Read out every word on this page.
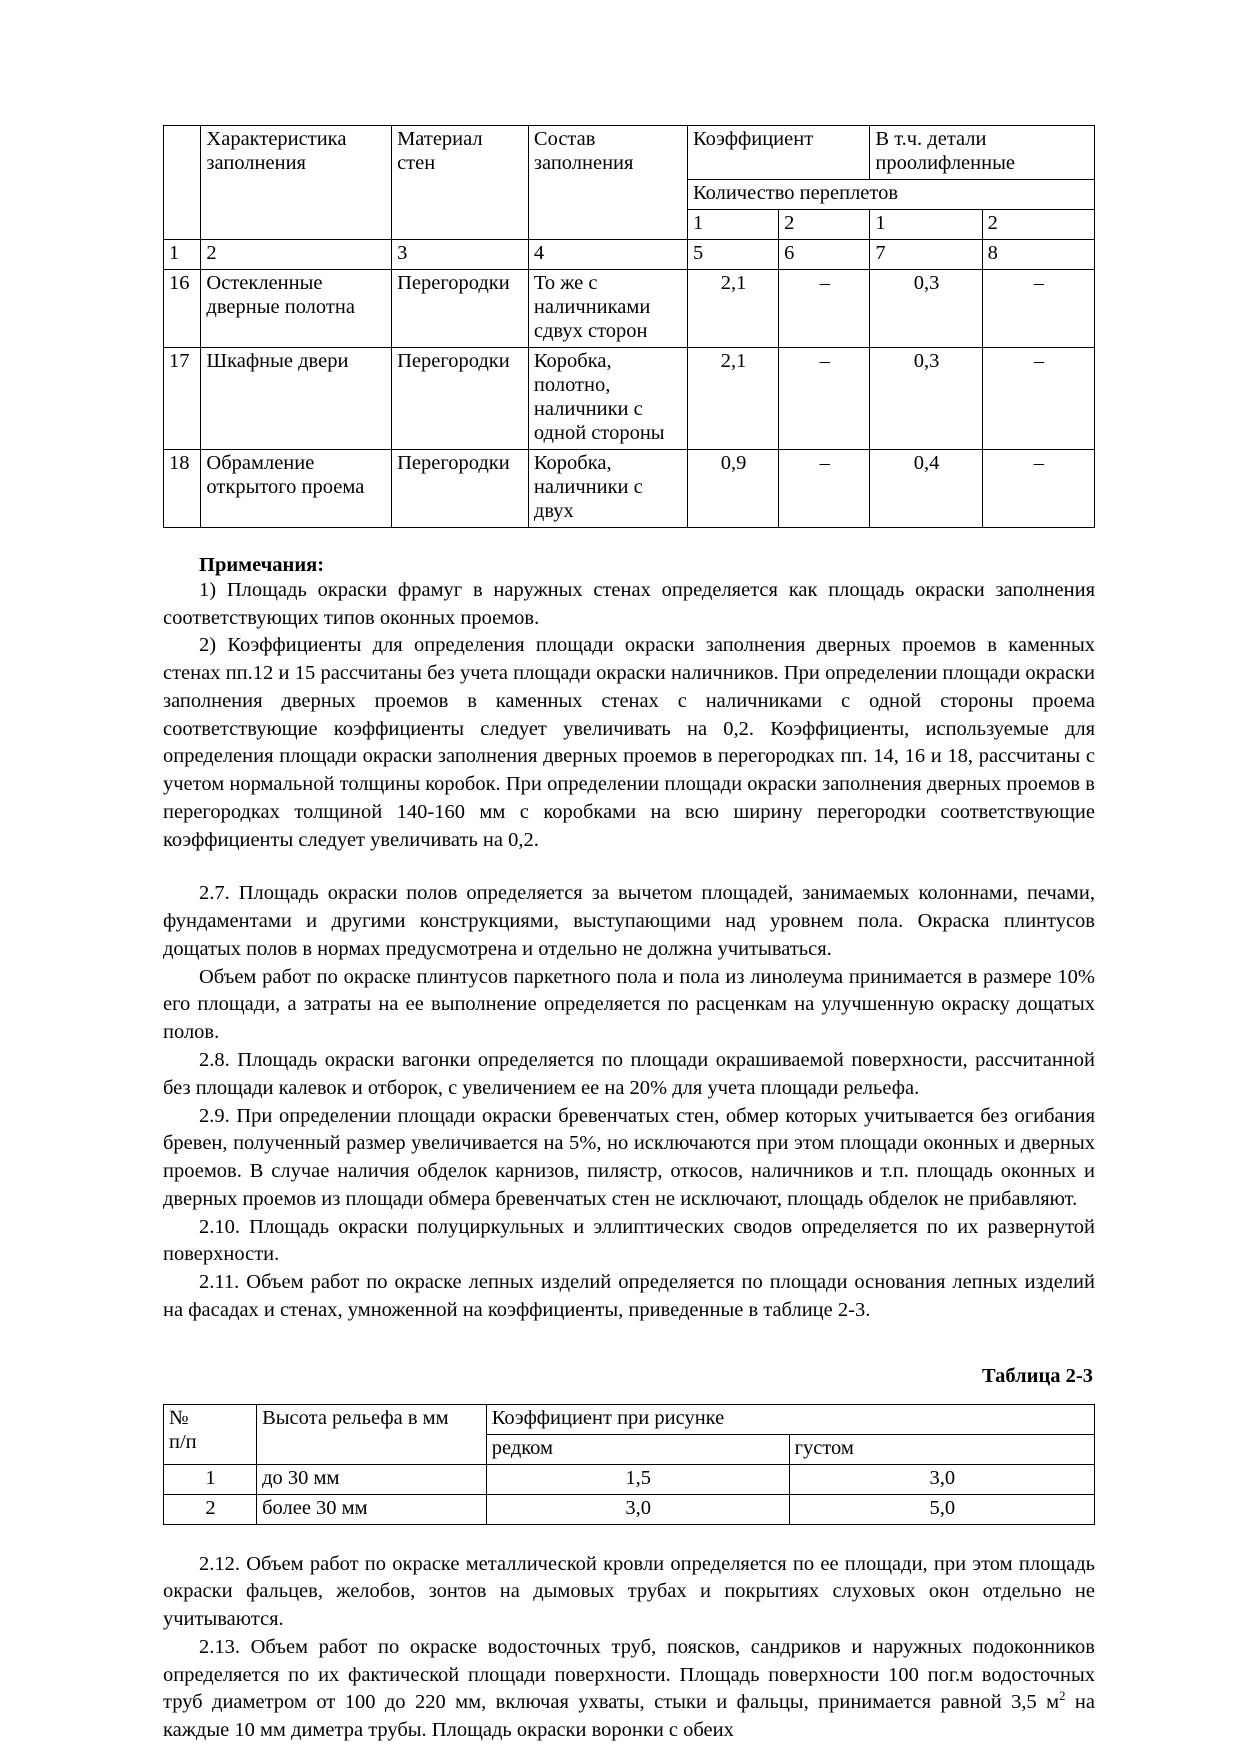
	Характеристика заполнения	Материал стен	Состав заполнения	Коэффициент		В т.ч. детали проолифленные	
				Количество переплетов			
				1	2	1	2
1	2	3	4	5	6	7	8
16	Остекленные дверные полотна	Перегородки	То же с наличниками сдвух сторон	2,1	–	0,3	–
17	Шкафные двери	Перегородки	Коробка, полотно, наличники с одной стороны	2,1	–	0,3	–
18	Обрамление открытого проема	Перегородки	Коробка, наличники с двух	0,9	–	0,4	–
Примечания:

1) Площадь окраски фрамуг в наружных стенах определяется как площадь окраски заполнения соответствующих типов оконных проемов.

2) Коэффициенты для определения площади окраски заполнения дверных проемов в каменных стенах пп.12 и 15 рассчитаны без учета площади окраски наличников. При определении площади окраски заполнения дверных проемов в каменных стенах с наличниками с одной стороны проема соответствующие коэффициенты следует увеличивать на 0,2. Коэффициенты, используемые для определения площади окраски заполнения дверных проемов в перегородках пп. 14, 16 и 18, рассчитаны с учетом нормальной толщины коробок. При определении площади окраски заполнения дверных проемов в перегородках толщиной 140-160 мм с коробками на всю ширину перегородки соответствующие коэффициенты следует увеличивать на 0,2.

2.7. Площадь окраски полов определяется за вычетом площадей, занимаемых колоннами, печами, фундаментами и другими конструкциями, выступающими над уровнем пола. Окраска плинтусов дощатых полов в нормах предусмотрена и отдельно не должна учитываться.

Объем работ по окраске плинтусов паркетного пола и пола из линолеума принимается в размере 10% его площади, а затраты на ее выполнение определяется по расценкам на улучшенную окраску дощатых полов.

2.8. Площадь окраски вагонки определяется по площади окрашиваемой поверхности, рассчитанной без площади калевок и отборок, с увеличением ее на 20% для учета площади рельефа.

2.9. При определении площади окраски бревенчатых стен, обмер которых учитывается без огибания бревен, полученный размер увеличивается на 5%, но исключаются при этом площади оконных и дверных проемов. В случае наличия обделок карнизов, пилястр, откосов, наличников и т.п. площадь оконных и дверных проемов из площади обмера бревенчатых стен не исключают, площадь обделок не прибавляют.

2.10. Площадь окраски полуциркульных и эллиптических сводов определяется по их развернутой поверхности.

2.11. Объем работ по окраске лепных изделий определяется по площади основания лепных изделий на фасадах и стенах, умноженной на коэффициенты, приведенные в таблице 2-3.

Таблица 2-3
№
п/п	Высота рельефа в мм	Коэффициент при рисунке	
		редком	густом
1	до 30 мм	1,5	3,0
2	более 30 мм	3,0	5,0

2.12. Объем работ по окраске металлической кровли определяется по ее площади, при этом площадь окраски фальцев, желобов, зонтов на дымовых трубах и покрытиях слуховых окон отдельно не учитываются.

2.13. Объем работ по окраске водосточных труб, поясков, сандриков и наружных подоконников определяется по их фактической площади поверхности. Площадь поверхности 100 пог.м водосточных труб диаметром от 100 до 220 мм, включая ухваты, стыки и фальцы, принимается равной 3,5 $м^2$ на каждые 10 мм диметра трубы. Площадь окраски воронки с обеих
